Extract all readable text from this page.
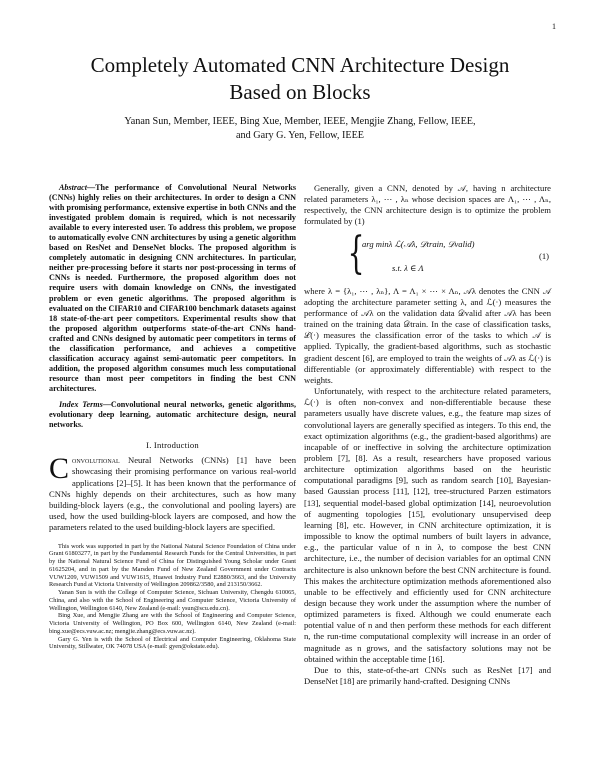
1
Completely Automated CNN Architecture Design
Based on Blocks
Yanan Sun, Member, IEEE, Bing Xue, Member, IEEE, Mengjie Zhang, Fellow, IEEE,
and Gary G. Yen, Fellow, IEEE

Abstract—The performance of Convolutional Neural Networks (CNNs) highly relies on their architectures. In order to design a CNN with promising performance, extensive expertise in both CNNs and the investigated problem domain is required, which is not necessarily available to every interested user. To address this problem, we propose to automatically evolve CNN architectures by using a genetic algorithm based on ResNet and DenseNet blocks. The proposed algorithm is completely automatic in designing CNN architectures. In particular, neither pre-processing before it starts nor post-processing in terms of CNNs is needed. Furthermore, the proposed algorithm does not require users with domain knowledge on CNNs, the investigated problem or even genetic algorithms. The proposed algorithm is evaluated on the CIFAR10 and CIFAR100 benchmark datasets against 18 state-of-the-art peer competitors. Experimental results show that the proposed algorithm outperforms state-of-the-art CNNs hand-crafted and CNNs designed by automatic peer competitors in terms of the classification performance, and achieves a competitive classification accuracy against semi-automatic peer competitors. In addition, the proposed algorithm consumes much less computational resource than most peer competitors in finding the best CNN architectures.

Index Terms—Convolutional neural networks, genetic algorithms, evolutionary deep learning, automatic architecture design, neural networks.

I. Introduction

Convolutional Neural Networks (CNNs) [1] have been showcasing their promising performance on various real-world applications [2]–[5]. It has been known that the performance of CNNs highly depends on their architectures, such as how many building-block layers (e.g., the convolutional and pooling layers) are used, how the used building-block layers are composed, and how the parameters related to the used building-block layers are specified.

This work was supported in part by the National Natural Science Foundation of China under Grant 61803277, in part by the Fundamental Research Funds for the Central Universities, in part by the National Natural Science Fund of China for Distinguished Young Scholar under Grant 61625204, and in part by the Marsden Fund of New Zealand Government under Contracts VUW1209, VUW1509 and VUW1615, Huawei Industry Fund E2880/3663, and the University Research Fund at Victoria University of Wellington 209862/3580, and 213150/3662.

Yanan Sun is with the College of Computer Science, Sichuan University, Chengdu 610065, China, and also with the School of Engineering and Computer Science, Victoria University of Wellington, Wellington 6140, New Zealand (e-mail: ysun@scu.edu.cn).

Bing Xue, and Mengjie Zhang are with the School of Engineering and Computer Science, Victoria University of Wellington, PO Box 600, Wellington 6140, New Zealand (e-mail: bing.xue@ecs.vuw.ac.nz; mengjie.zhang@ecs.vuw.ac.nz).

Gary G. Yen is with the School of Electrical and Computer Engineering, Oklahoma State University, Stillwater, OK 74078 USA (e-mail: gyen@okstate.edu).

Generally, given a CNN, denoted by 𝒜, having n architecture related parameters λ₁, ⋯ , λₙ whose decision spaces are Λ₁, ⋯ , Λₙ, respectively, the CNN architecture design is to optimize the problem formulated by (1)

{
arg minλ ℒ(𝒜λ, 𝒟train, 𝒟valid)
s.t. λ ∈ Λ
(1)

where λ = {λ₁, ⋯ , λₙ}, Λ = Λ₁ × ⋯ × Λₙ, 𝒜λ denotes the CNN 𝒜 adopting the architecture parameter setting λ, and ℒ(·) measures the performance of 𝒜λ on the validation data 𝒟valid after 𝒜λ has been trained on the training data 𝒟train. In the case of classification tasks, ℒ(·) measures the classification error of the tasks to which 𝒜 is applied. Typically, the gradient-based algorithms, such as stochastic gradient descent [6], are employed to train the weights of 𝒜λ as ℒ(·) is differentiable (or approximately differentiable) with respect to the weights.

Unfortunately, with respect to the architecture related parameters, ℒ(·) is often non-convex and non-differentiable because these parameters usually have discrete values, e.g., the feature map sizes of convolutional layers are generally specified as integers. To this end, the exact optimization algorithms (e.g., the gradient-based algorithms) are incapable of or ineffective in solving the architecture optimization problem [7], [8]. As a result, researchers have proposed various architecture optimization algorithms based on the heuristic computational paradigms [9], such as random search [10], Bayesian-based Gaussian process [11], [12], tree-structured Parzen estimators [13], sequential model-based global optimization [14], neuroevolution of augmenting topologies [15], evolutionary unsupervised deep learning [8], etc. However, in CNN architecture optimization, it is impossible to know the optimal numbers of built layers in advance, e.g., the particular value of n in λ, to compose the best CNN architecture, i.e., the number of decision variables for an optimal CNN architecture is also unknown before the best CNN architecture is found. This makes the architecture optimization methods aforementioned also unable to be effectively and efficiently used for CNN architecture design because they work under the assumption where the number of optimized parameters is fixed. Although we could enumerate each potential value of n and then perform these methods for each different n, the run-time computational complexity will increase in an order of magnitude as n grows, and the satisfactory solutions may not be obtained within the acceptable time [16].

Due to this, state-of-the-art CNNs such as ResNet [17] and DenseNet [18] are primarily hand-crafted. Designing CNNs
